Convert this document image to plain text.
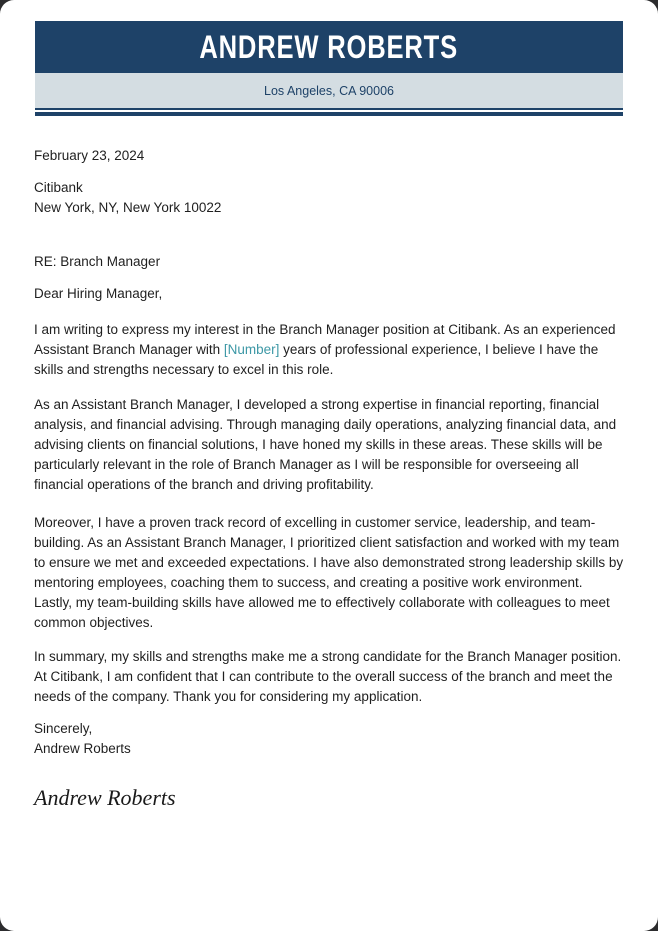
ANDREW ROBERTS
Los Angeles, CA 90006
February 23, 2024
Citibank
New York, NY, New York 10022
RE: Branch Manager
Dear Hiring Manager,

I am writing to express my interest in the Branch Manager position at Citibank. As an experienced Assistant Branch Manager with [Number] years of professional experience, I believe I have the skills and strengths necessary to excel in this role.

As an Assistant Branch Manager, I developed a strong expertise in financial reporting, financial analysis, and financial advising. Through managing daily operations, analyzing financial data, and advising clients on financial solutions, I have honed my skills in these areas. These skills will be particularly relevant in the role of Branch Manager as I will be responsible for overseeing all financial operations of the branch and driving profitability.

Moreover, I have a proven track record of excelling in customer service, leadership, and team-building. As an Assistant Branch Manager, I prioritized client satisfaction and worked with my team to ensure we met and exceeded expectations. I have also demonstrated strong leadership skills by mentoring employees, coaching them to success, and creating a positive work environment. Lastly, my team-building skills have allowed me to effectively collaborate with colleagues to meet common objectives.

In summary, my skills and strengths make me a strong candidate for the Branch Manager position. At Citibank, I am confident that I can contribute to the overall success of the branch and meet the needs of the company. Thank you for considering my application.

Sincerely,
Andrew Roberts
Andrew Roberts
